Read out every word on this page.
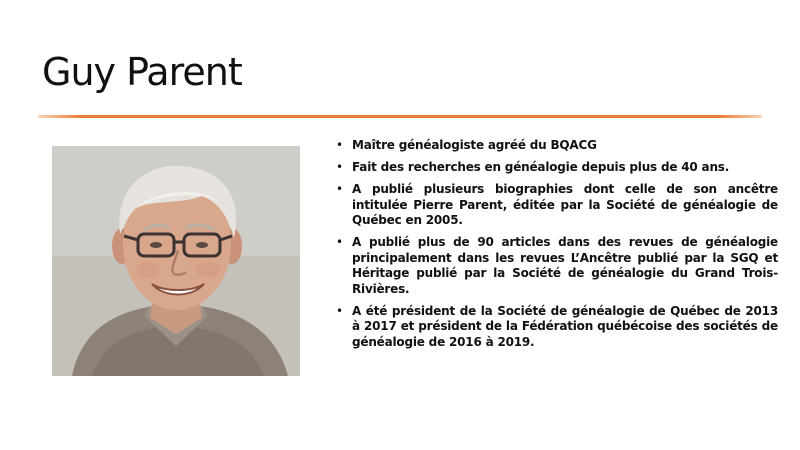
Guy Parent
• Maître généalogiste agréé du BQACG
• Fait des recherches en généalogie depuis plus de 40 ans.
• A publié plusieurs biographies dont celle de son ancêtre intitulée Pierre Parent, éditée par la Société de généalogie de Québec en 2005.
• A publié plus de 90 articles dans des revues de généalogie principalement dans les revues L’Ancêtre publié par la SGQ et Héritage publié par la Société de généalogie du Grand Trois-Rivières.
• A été président de la Société de généalogie de Québec de 2013 à 2017 et président de la Fédération québécoise des sociétés de généalogie de 2016 à 2019.
